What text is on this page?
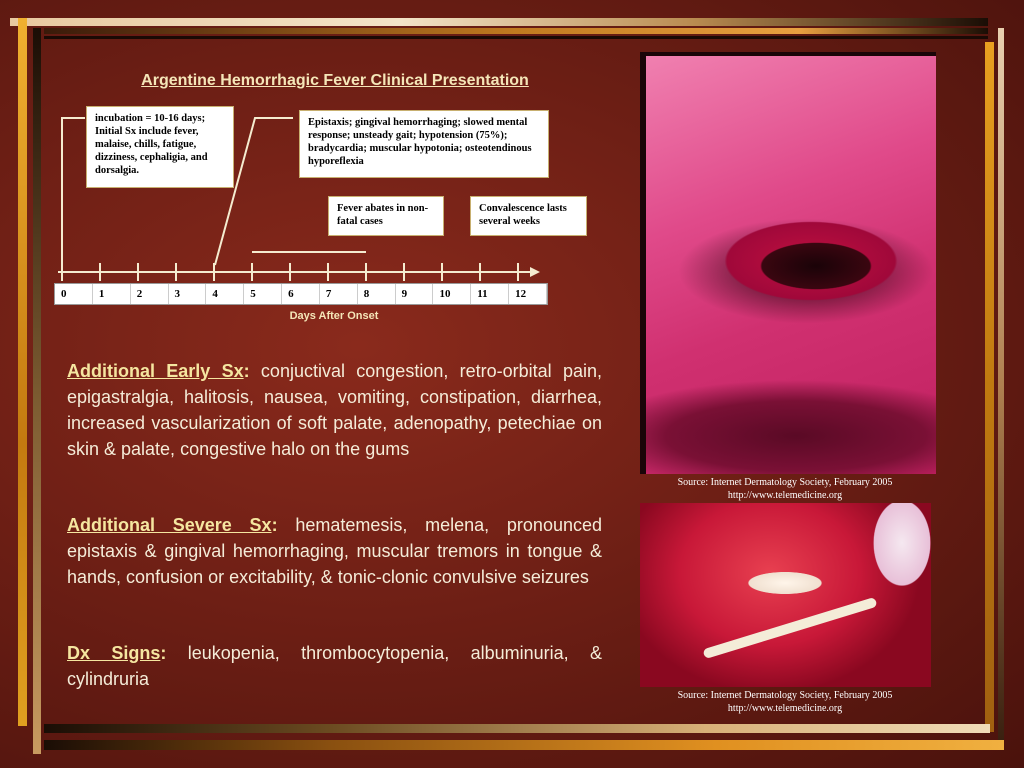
Argentine Hemorrhagic Fever Clinical Presentation
incubation = 10-16 days; Initial Sx include fever, malaise, chills, fatigue, dizziness, cephaligia, and dorsalgia.
Epistaxis; gingival hemorrhaging; slowed mental response; unsteady gait; hypotension (75%); bradycardia; muscular hypotonia; osteotendinous hyporeflexia
Fever abates in non-fatal cases
Convalescence lasts several weeks
0	1	2	3	4	5	6	7	8	9	10	11	12
Days After Onset
Additional Early Sx: conjuctival congestion, retro-orbital pain, epigastralgia, halitosis, nausea, vomiting, constipation, diarrhea, increased vascularization of soft palate, adenopathy, petechiae on skin & palate, congestive halo on the gums
Additional Severe Sx: hematemesis, melena, pronounced epistaxis & gingival hemorrhaging, muscular tremors in tongue & hands, confusion or excitability, & tonic-clonic convulsive seizures
Dx Signs: leukopenia, thrombocytopenia, albuminuria, & cylindruria
Source: Internet Dermatology Society, February 2005
http://www.telemedicine.org
Source: Internet Dermatology Society, February 2005
http://www.telemedicine.org
